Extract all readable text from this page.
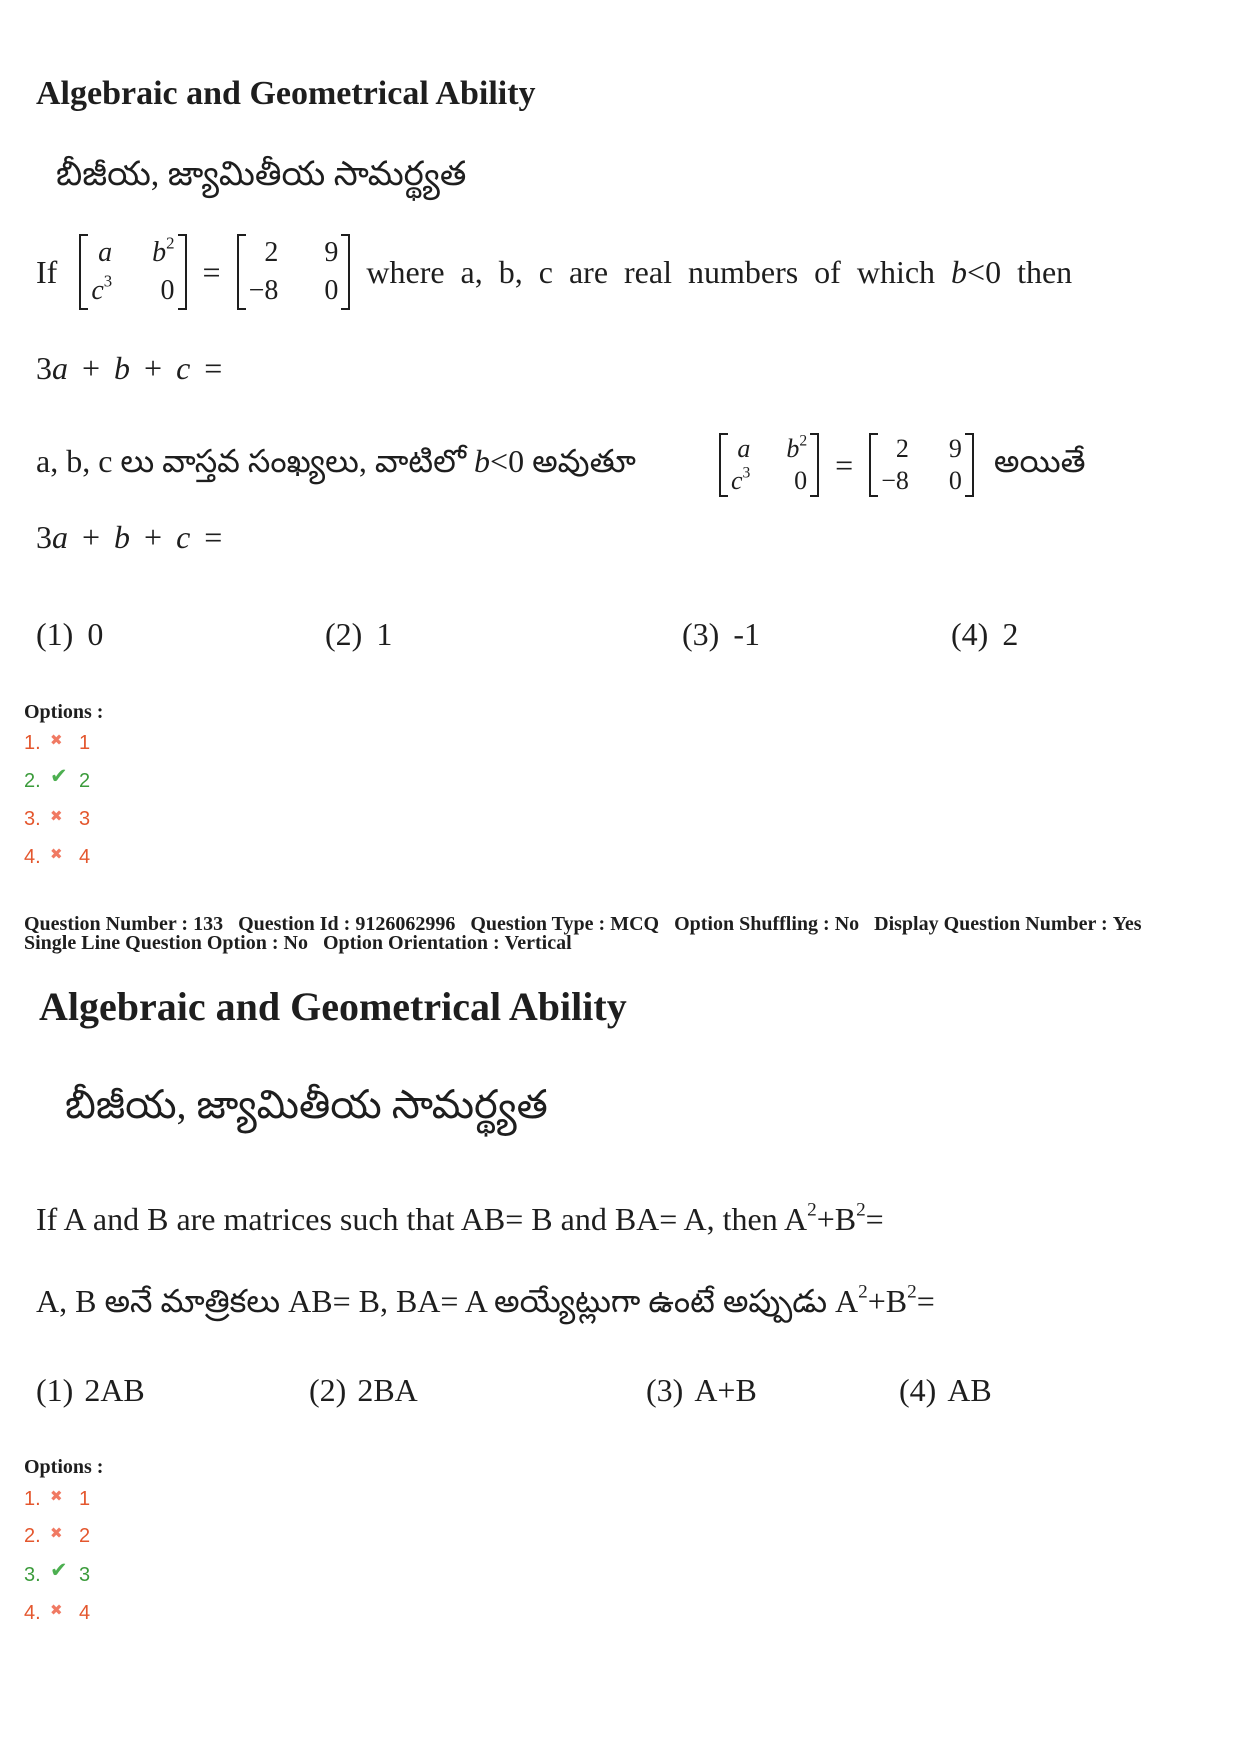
Algebraic and Geometrical Ability
బీజీయ, జ్యామితీయ సామర్థ్యత
If
a $b^2$
$c^3$ 0
=
2 9
−8 0
where a, b, c are real numbers of which b<0 then
3a + b + c =
a, b, c లు వాస్తవ సంఖ్యలు, వాటిలో b<0 అవుతూ	a $b^2$
$c^3$ 0 =	2 9
−8 0
అయితే
3a + b + c =
(1) 0	(2) 1	(3) -1	(4) 2
Options :
1. ✖ 1
2. ✔ 2
3. ✖ 3
4. ✖ 4
Question Number : 133 Question Id : 9126062996 Question Type : MCQ Option Shuffling : No Display Question Number : Yes
Single Line Question Option : No Option Orientation : Vertical
Algebraic and Geometrical Ability
బీజీయ, జ్యామితీయ సామర్థ్యత
If A and B are matrices such that AB= B and BA= A, then $A^2+B^2=$
A, B అనే మాత్రికలు AB= B, BA= A అయ్యేట్లుగా ఉంటే అప్పుడు $A^2+B^2=$
(1) 2AB	(2) 2BA	(3) A+B	(4) AB
Options :
1. ✖ 1
2. ✖ 2
3. ✔ 3
4. ✖ 4
